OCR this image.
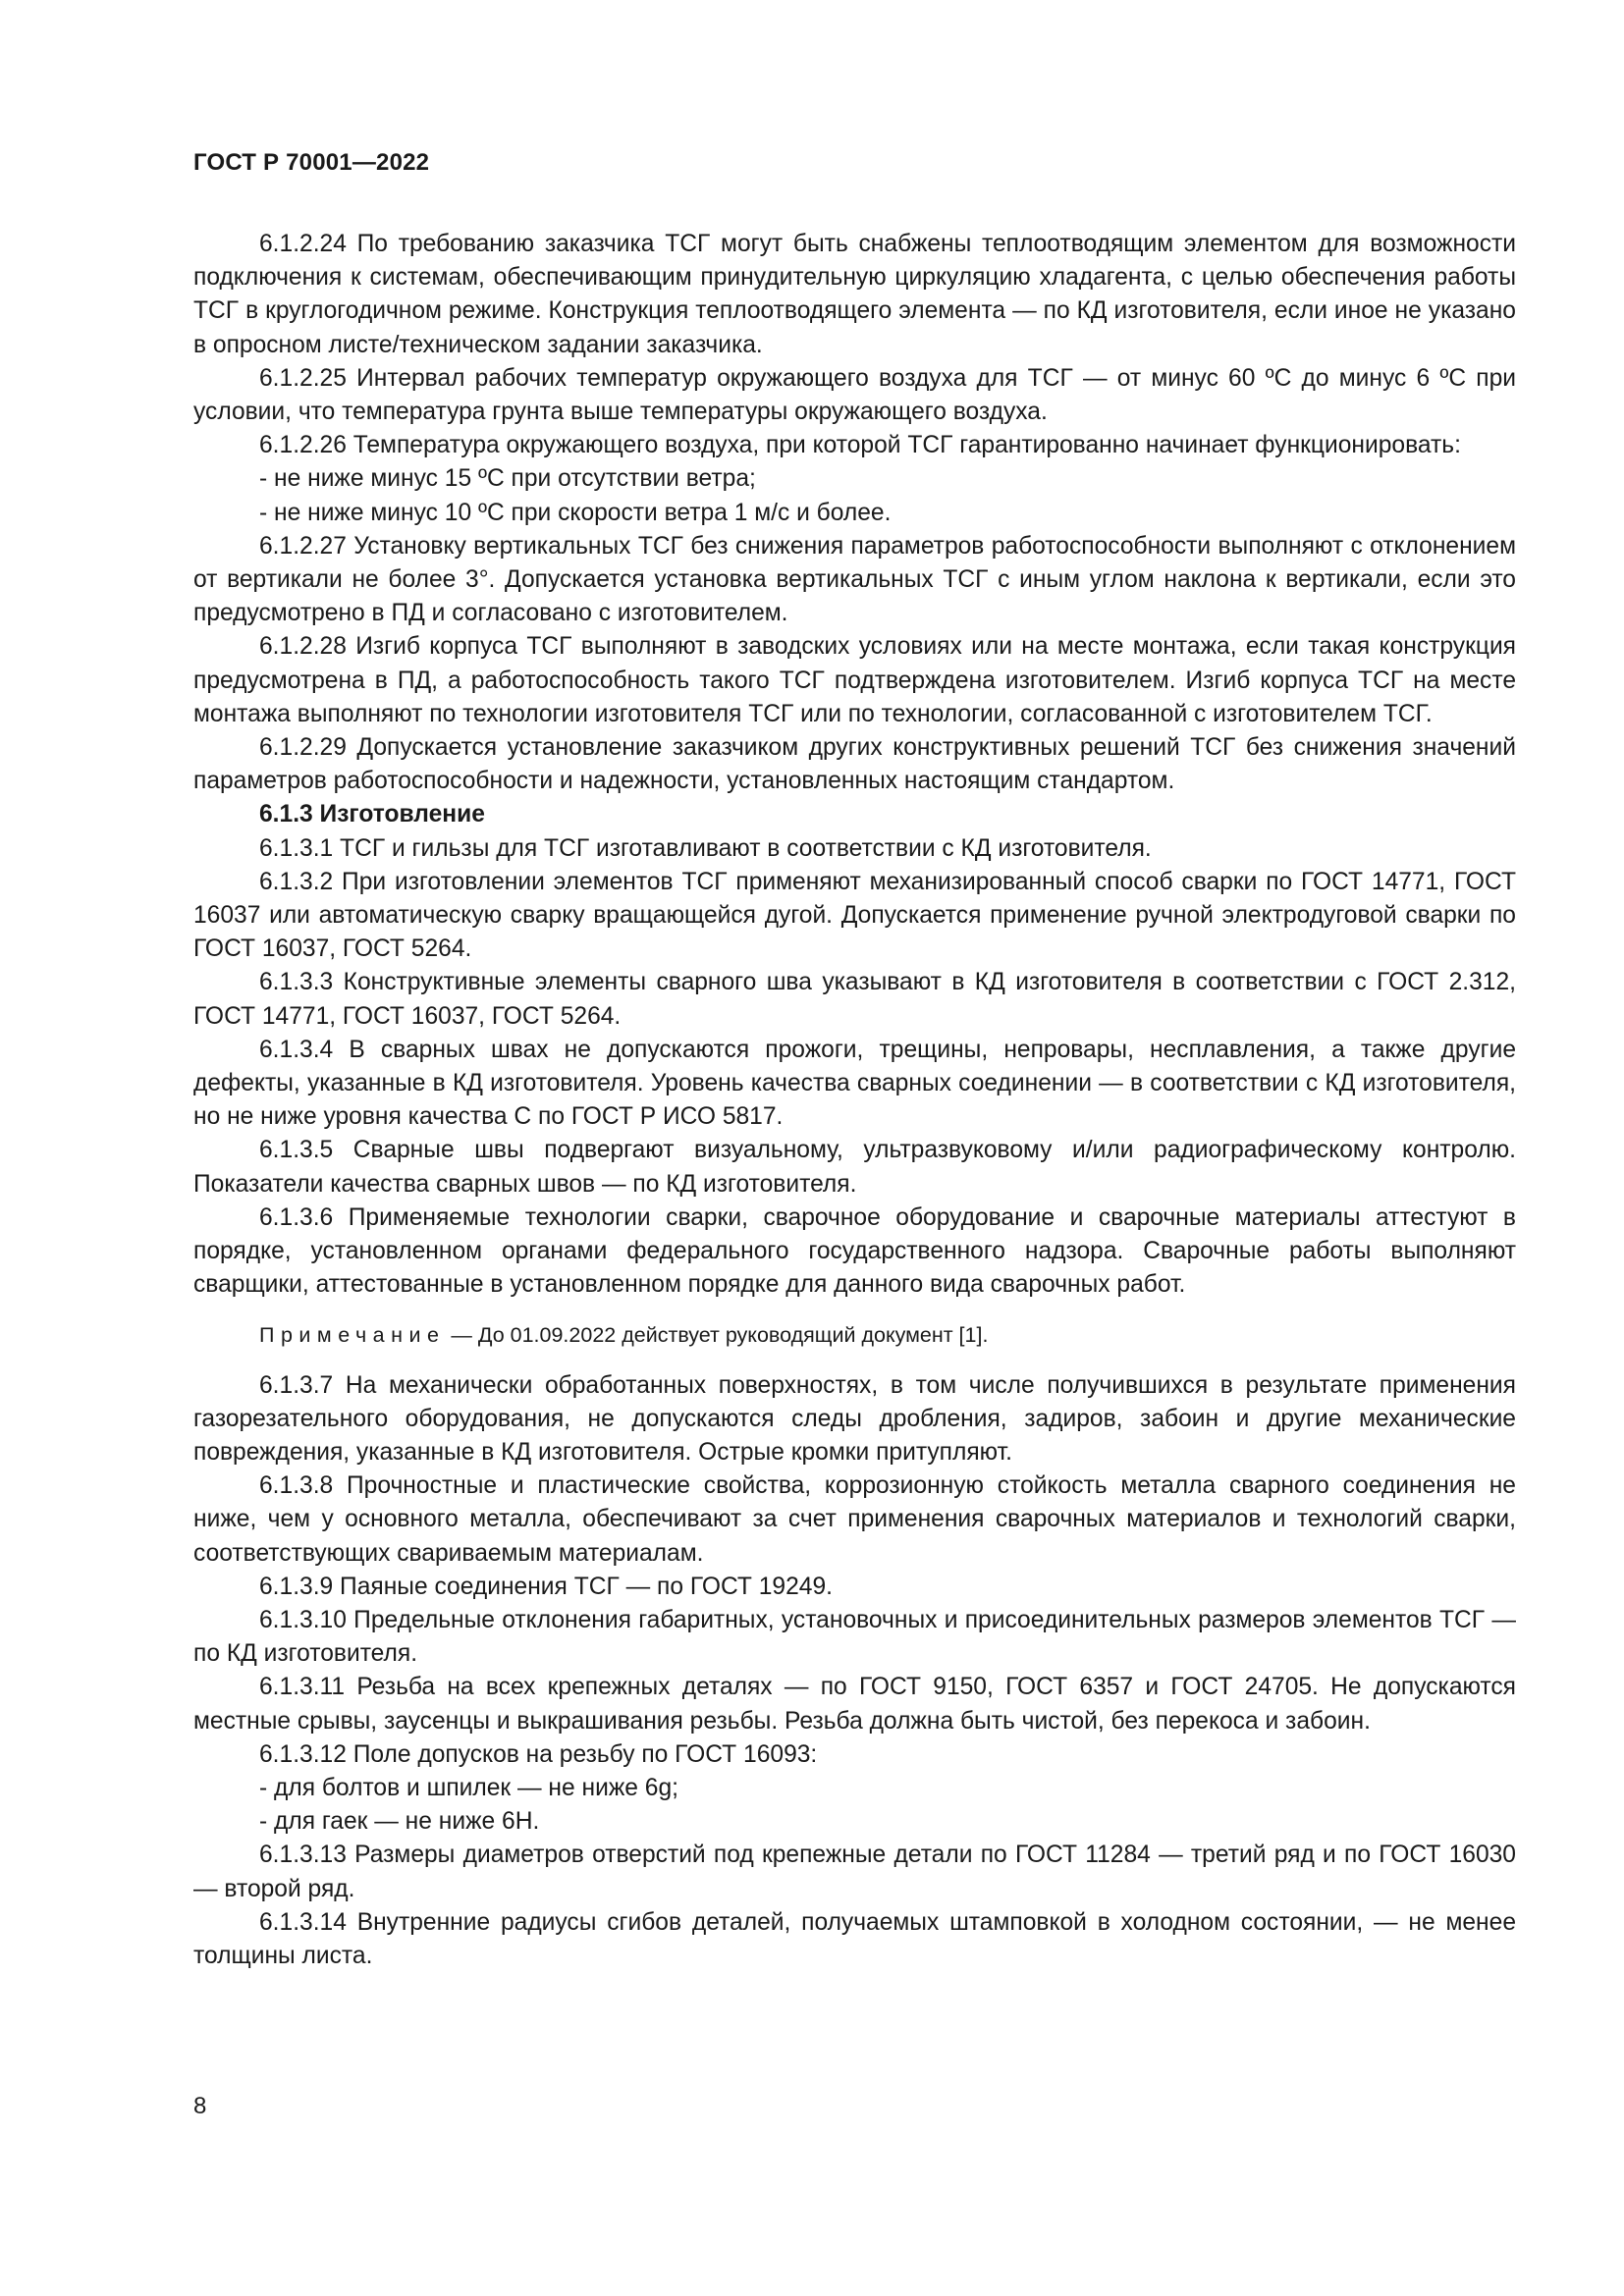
ГОСТ Р 70001—2022

6.1.2.24 По требованию заказчика ТСГ могут быть снабжены теплоотводящим элементом для возможности подключения к системам, обеспечивающим принудительную циркуляцию хладагента, с целью обеспечения работы ТСГ в круглогодичном режиме. Конструкция теплоотводящего элемента — по КД изготовителя, если иное не указано в опросном листе/техническом задании заказчика.

6.1.2.25 Интервал рабочих температур окружающего воздуха для ТСГ — от минус 60 ºС до минус 6 ºС при условии, что температура грунта выше температуры окружающего воздуха.

6.1.2.26 Температура окружающего воздуха, при которой ТСГ гарантированно начинает функционировать:

- не ниже минус 15 ºС при отсутствии ветра;

- не ниже минус 10 ºС при скорости ветра 1 м/с и более.

6.1.2.27 Установку вертикальных ТСГ без снижения параметров работоспособности выполняют с отклонением от вертикали не более 3°. Допускается установка вертикальных ТСГ с иным углом наклона к вертикали, если это предусмотрено в ПД и согласовано с изготовителем.

6.1.2.28 Изгиб корпуса ТСГ выполняют в заводских условиях или на месте монтажа, если такая конструкция предусмотрена в ПД, а работоспособность такого ТСГ подтверждена изготовителем. Изгиб корпуса ТСГ на месте монтажа выполняют по технологии изготовителя ТСГ или по технологии, согласованной с изготовителем ТСГ.

6.1.2.29 Допускается установление заказчиком других конструктивных решений ТСГ без снижения значений параметров работоспособности и надежности, установленных настоящим стандартом.

6.1.3 Изготовление

6.1.3.1 ТСГ и гильзы для ТСГ изготавливают в соответствии с КД изготовителя.

6.1.3.2 При изготовлении элементов ТСГ применяют механизированный способ сварки по ГОСТ 14771, ГОСТ 16037 или автоматическую сварку вращающейся дугой. Допускается применение ручной электродуговой сварки по ГОСТ 16037, ГОСТ 5264.

6.1.3.3 Конструктивные элементы сварного шва указывают в КД изготовителя в соответствии с ГОСТ 2.312, ГОСТ 14771, ГОСТ 16037, ГОСТ 5264.

6.1.3.4 В сварных швах не допускаются прожоги, трещины, непровары, несплавления, а также другие дефекты, указанные в КД изготовителя. Уровень качества сварных соединении — в соответствии с КД изготовителя, но не ниже уровня качества С по ГОСТ Р ИСО 5817.

6.1.3.5 Сварные швы подвергают визуальному, ультразвуковому и/или радиографическому контролю. Показатели качества сварных швов — по КД изготовителя.

6.1.3.6 Применяемые технологии сварки, сварочное оборудование и сварочные материалы аттестуют в порядке, установленном органами федерального государственного надзора. Сварочные работы выполняют сварщики, аттестованные в установленном порядке для данного вида сварочных работ.

Примечание — До 01.09.2022 действует руководящий документ [1].

6.1.3.7 На механически обработанных поверхностях, в том числе получившихся в результате применения газорезательного оборудования, не допускаются следы дробления, задиров, забоин и другие механические повреждения, указанные в КД изготовителя. Острые кромки притупляют.

6.1.3.8 Прочностные и пластические свойства, коррозионную стойкость металла сварного соединения не ниже, чем у основного металла, обеспечивают за счет применения сварочных материалов и технологий сварки, соответствующих свариваемым материалам.

6.1.3.9 Паяные соединения ТСГ — по ГОСТ 19249.

6.1.3.10 Предельные отклонения габаритных, установочных и присоединительных размеров элементов ТСГ — по КД изготовителя.

6.1.3.11 Резьба на всех крепежных деталях — по ГОСТ 9150, ГОСТ 6357 и ГОСТ 24705. Не допускаются местные срывы, заусенцы и выкрашивания резьбы. Резьба должна быть чистой, без перекоса и забоин.

6.1.3.12 Поле допусков на резьбу по ГОСТ 16093:

- для болтов и шпилек — не ниже 6g;

- для гаек — не ниже 6Н.

6.1.3.13 Размеры диаметров отверстий под крепежные детали по ГОСТ 11284 — третий ряд и по ГОСТ 16030 — второй ряд.

6.1.3.14 Внутренние радиусы сгибов деталей, получаемых штамповкой в холодном состоянии, — не менее толщины листа.

8
